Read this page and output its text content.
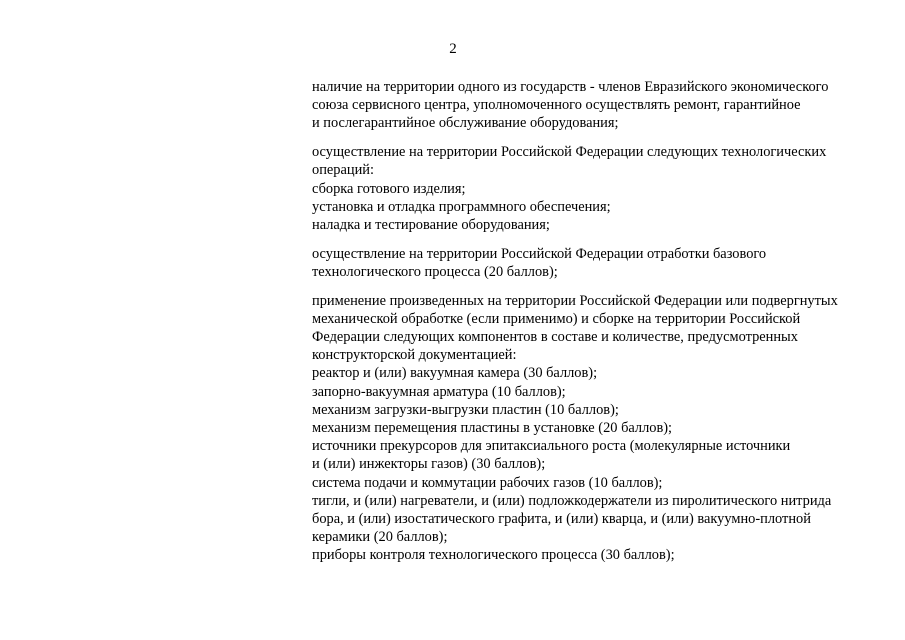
2

наличие на территории одного из государств - членов Евразийского экономического
союза сервисного центра, уполномоченного осуществлять ремонт, гарантийное
и послегарантийное обслуживание оборудования;

осуществление на территории Российской Федерации следующих технологических
операций:
сборка готового изделия;
установка и отладка программного обеспечения;
наладка и тестирование оборудования;

осуществление на территории Российской Федерации отработки базового
технологического процесса (20 баллов);

применение произведенных на территории Российской Федерации или подвергнутых
механической обработке (если применимо) и сборке на территории Российской
Федерации следующих компонентов в составе и количестве, предусмотренных
конструкторской документацией:
реактор и (или) вакуумная камера (30 баллов);
запорно-вакуумная арматура (10 баллов);
механизм загрузки-выгрузки пластин (10 баллов);
механизм перемещения пластины в установке (20 баллов);
источники прекурсоров для эпитаксиального роста (молекулярные источники
и (или) инжекторы газов) (30 баллов);
система подачи и коммутации рабочих газов (10 баллов);
тигли, и (или) нагреватели, и (или) подложкодержатели из пиролитического нитрида
бора, и (или) изостатического графита, и (или) кварца, и (или) вакуумно-плотной
керамики (20 баллов);
приборы контроля технологического процесса (30 баллов);
